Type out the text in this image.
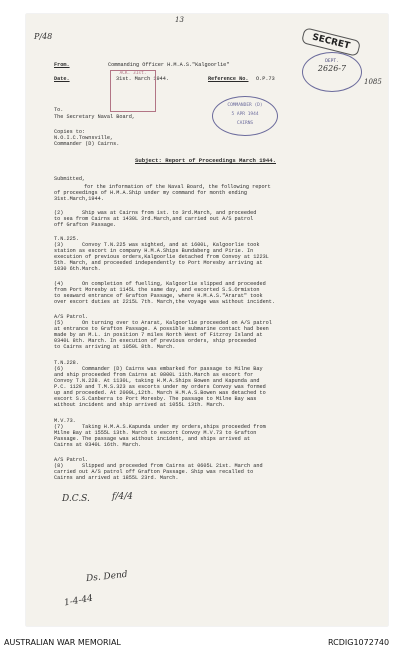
P/48
13
From.	Commanding Officer H.M.A.S."Kalgoorlie"
Date.	31st. March 1944.	Reference No. O.P.73
To.
The Secretary Naval Board,
Copies to:
N.O.I.C.Townsville,
Commander (D) Cairns.
Subject: Report of Proceedings March 1944.
Submitted,
for the information of the Naval Board, the following report
of proceedings of H.M.A.Ship under my command for month ending
31st.March,1944.
(2)      Ship was at Cairns from 1st. to 3rd.March, and proceeded
to sea from Cairns at 1430L 3rd.March,and carried out A/S patrol
off Grafton Passage.
T.N.225.
(3)      Convoy T.N.225 was sighted, and at 1600L, Kalgoorlie took
station as escort in company H.M.A.Ships Bundaberg and Pirie. In
execution of previous orders,Kalgoorlie detached from Convoy at 1223L
5th. March, and proceeded independently to Port Moresby arriving at
1030 6th.March.
(4)      On completion of fuelling, Kalgoorlie slipped and proceeded
from Port Moresby at 1145L the same day, and escorted S.S.Ormiston
to seaward entrance of Grafton Passage, where H.M.A.S."Ararat" took
over escort duties at 2215L 7th. March,the voyage was without incident.
A/S Patrol.
(5)      On turning over to Ararat, Kalgoorlie proceeded on A/S patrol
at entrance to Grafton Passage. A possible submarine contact had been
made by an M.L. in position 7 miles North West of Fitzroy Island at
0340L 8th. March. In execution of previous orders, ship proceeded
to Cairns arriving at 1050L 8th. March.
T.N.228.
(6)      Commander (D) Cairns was embarked for passage to Milne Bay
and ship proceeded from Cairns at 0800L 11th.March as escort for
Convoy T.N.228. At 1130L, taking H.M.A.Ships Bowen and Kapunda and
P.C. 1120 and T.M.S.323 as escorts under my orders Convoy was formed
up and proceeded. At 2000L,12th. March H.M.A.S.Bowen was detached to
escort S.S.Canberra to Port Moresby. The passage to Milne Bay was
without incident and ship arrived at 1055L 13th. March.
M.V.73.
(7)      Taking H.M.A.S.Kapunda under my orders,ships proceeded from
Milne Bay at 1555L 13th. March to escort Convoy M.V.73 to Grafton
Passage. The passage was without incident, and ships arrived at
Cairns at 0340L 16th. March.
A/S Patrol.
(8)      Slipped and proceeded from Cairns at 0605L 21st. March and
carried out A/S patrol off Grafton Passage. Ship was recalled to
Cairns and arrived at 1855L 23rd. March.
D.C.S. f/4/4
Ds. Dend
1-4-44
ACK. 31st.
COMMANDER (D)
5 APR 1944
CAIRNS
SECRET
DEPT.
2626-7
1085
AUSTRALIAN WAR MEMORIAL	RCDIG1072740
